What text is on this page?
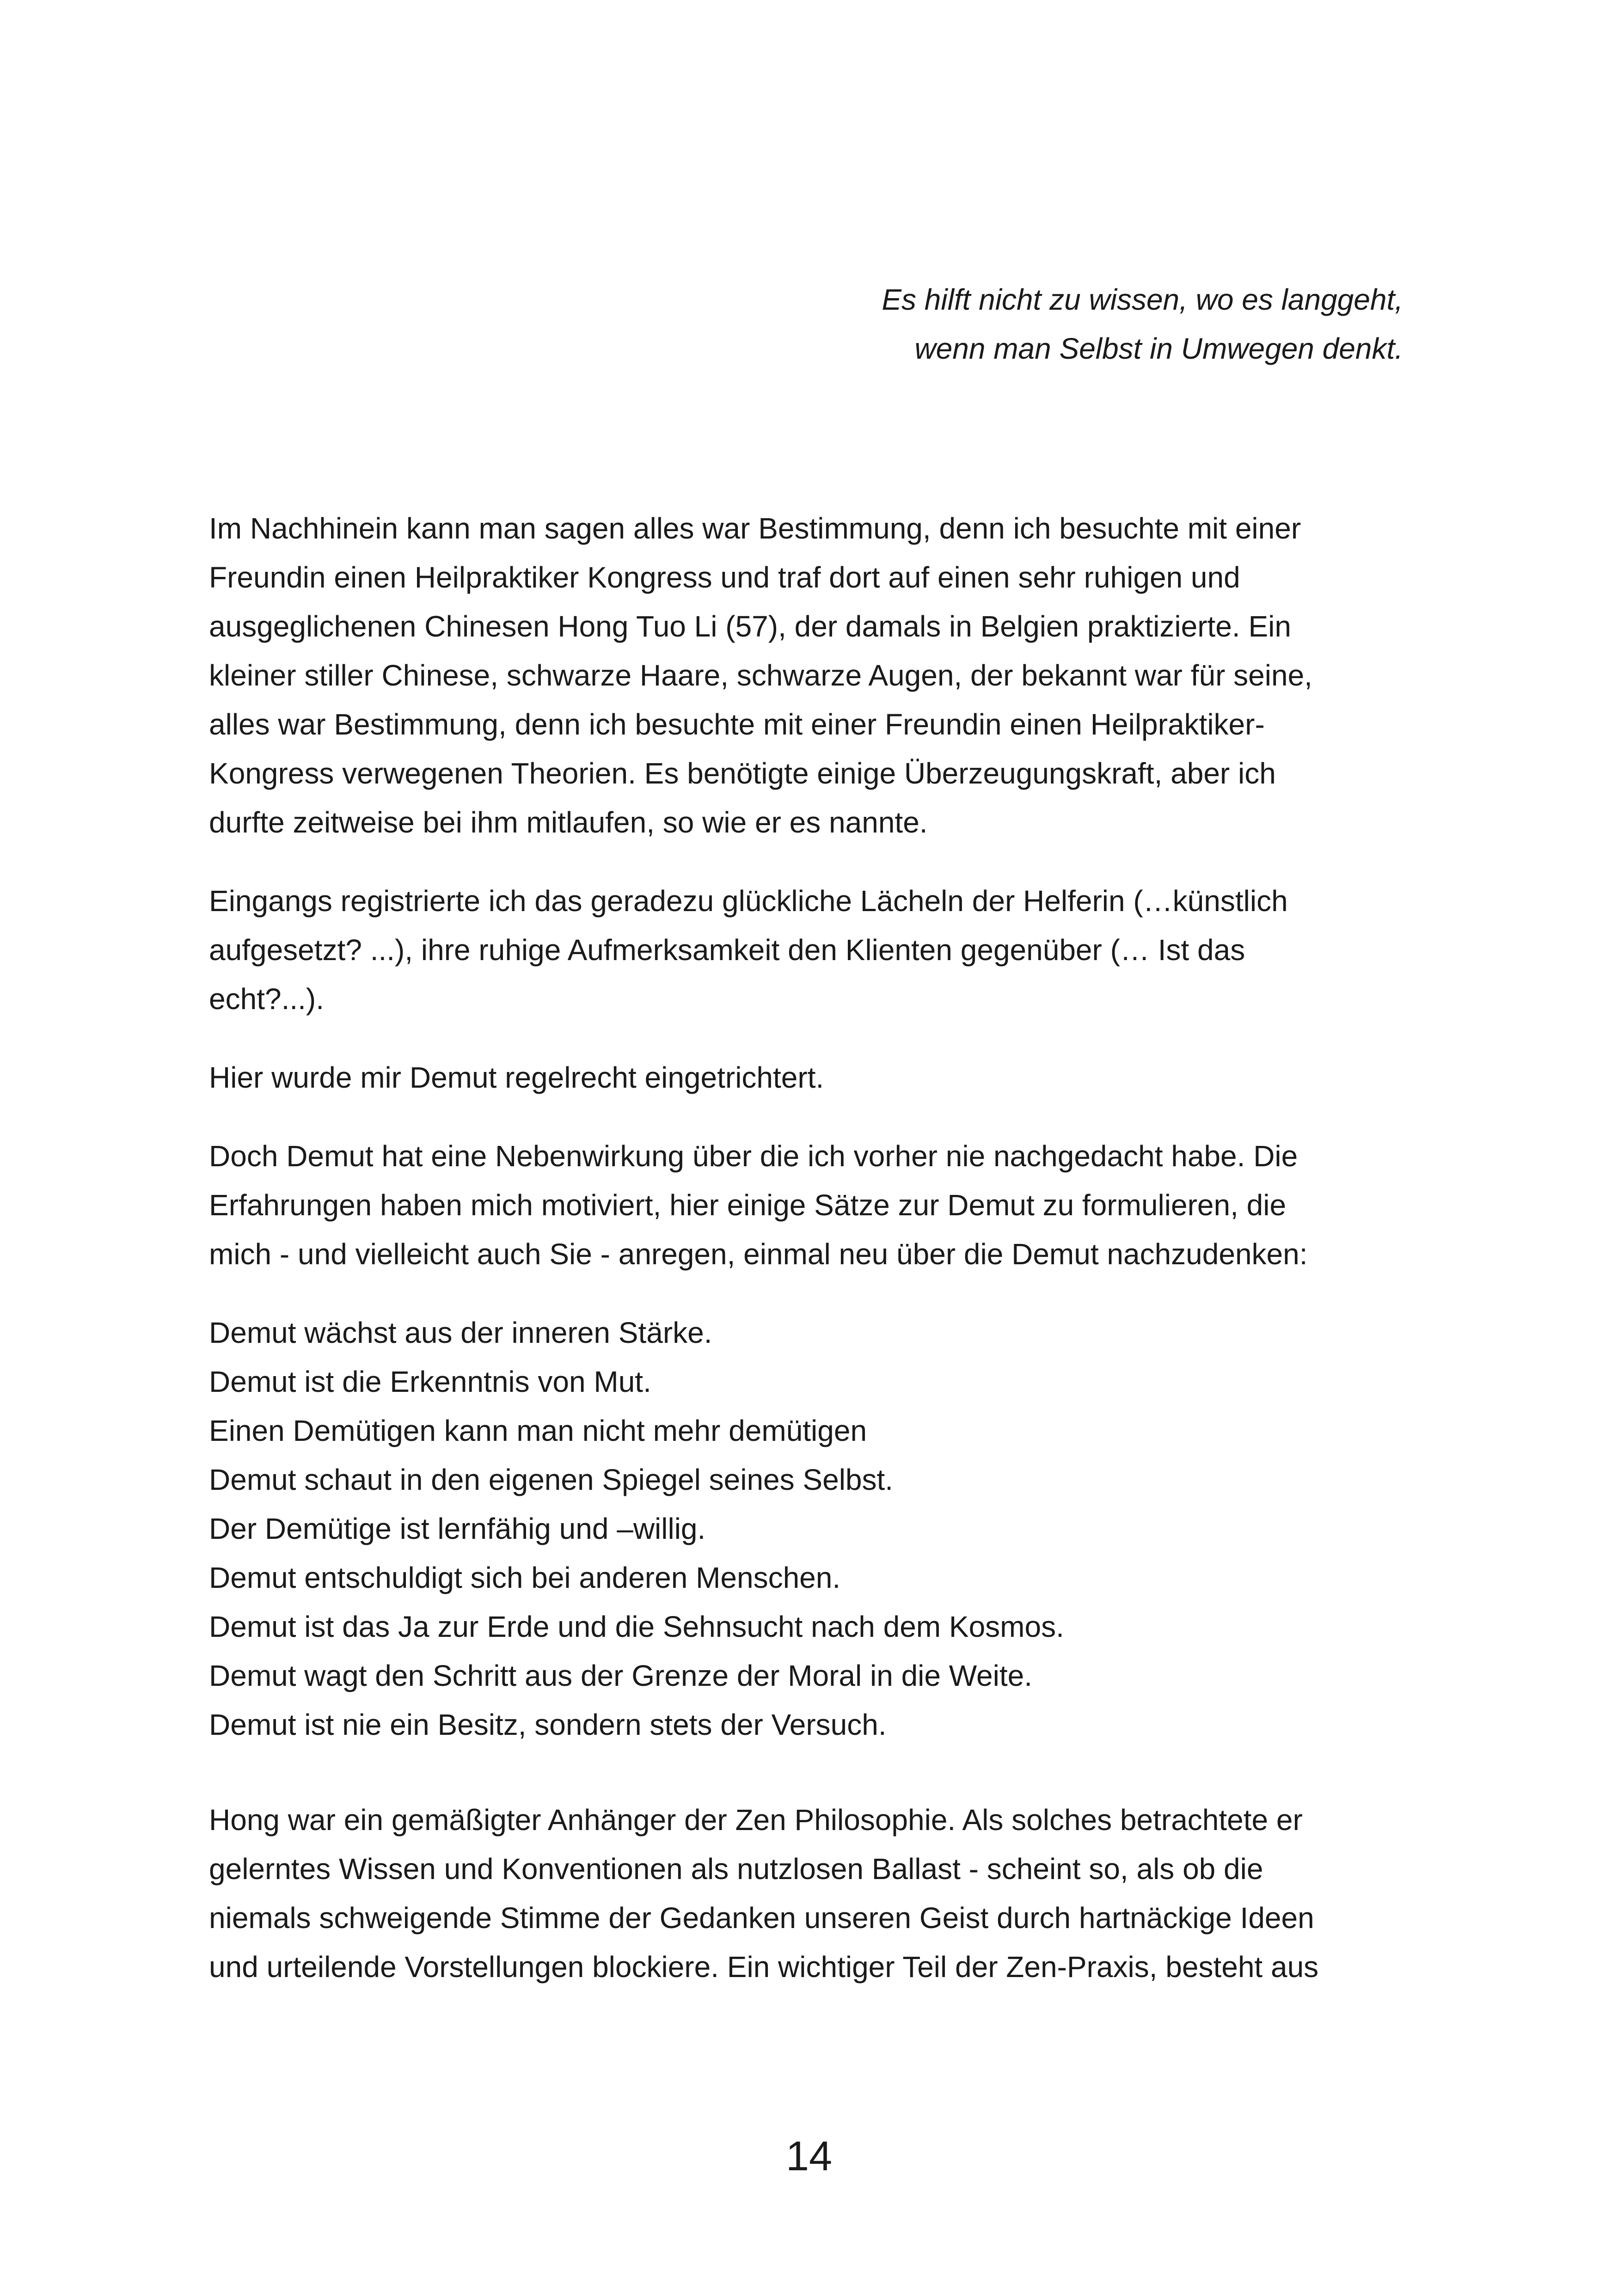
Es hilft nicht zu wissen, wo es langgeht,
wenn man Selbst in Umwegen denkt.

Im Nachhinein kann man sagen alles war Bestimmung, denn ich besuchte mit einer
Freundin einen Heilpraktiker Kongress und traf dort auf einen sehr ruhigen und
ausgeglichenen Chinesen Hong Tuo Li (57), der damals in Belgien praktizierte. Ein
kleiner stiller Chinese, schwarze Haare, schwarze Augen, der bekannt war für seine,
alles war Bestimmung, denn ich besuchte mit einer Freundin einen Heilpraktiker-
Kongress verwegenen Theorien. Es benötigte einige Überzeugungskraft, aber ich
durfte zeitweise bei ihm mitlaufen, so wie er es nannte.

Eingangs registrierte ich das geradezu glückliche Lächeln der Helferin (…künstlich
aufgesetzt? ...), ihre ruhige Aufmerksamkeit den Klienten gegenüber (… Ist das
echt?...).

Hier wurde mir Demut regelrecht eingetrichtert.

Doch Demut hat eine Nebenwirkung über die ich vorher nie nachgedacht habe. Die
Erfahrungen haben mich motiviert, hier einige Sätze zur Demut zu formulieren, die
mich - und vielleicht auch Sie - anregen, einmal neu über die Demut nachzudenken:

Demut wächst aus der inneren Stärke.
Demut ist die Erkenntnis von Mut.
Einen Demütigen kann man nicht mehr demütigen
Demut schaut in den eigenen Spiegel seines Selbst.
Der Demütige ist lernfähig und –willig.
Demut entschuldigt sich bei anderen Menschen.
Demut ist das Ja zur Erde und die Sehnsucht nach dem Kosmos.
Demut wagt den Schritt aus der Grenze der Moral in die Weite.
Demut ist nie ein Besitz, sondern stets der Versuch.

Hong war ein gemäßigter Anhänger der Zen Philosophie. Als solches betrachtete er
gelerntes Wissen und Konventionen als nutzlosen Ballast - scheint so, als ob die
niemals schweigende Stimme der Gedanken unseren Geist durch hartnäckige Ideen
und urteilende Vorstellungen blockiere. Ein wichtiger Teil der Zen-Praxis, besteht aus

14
